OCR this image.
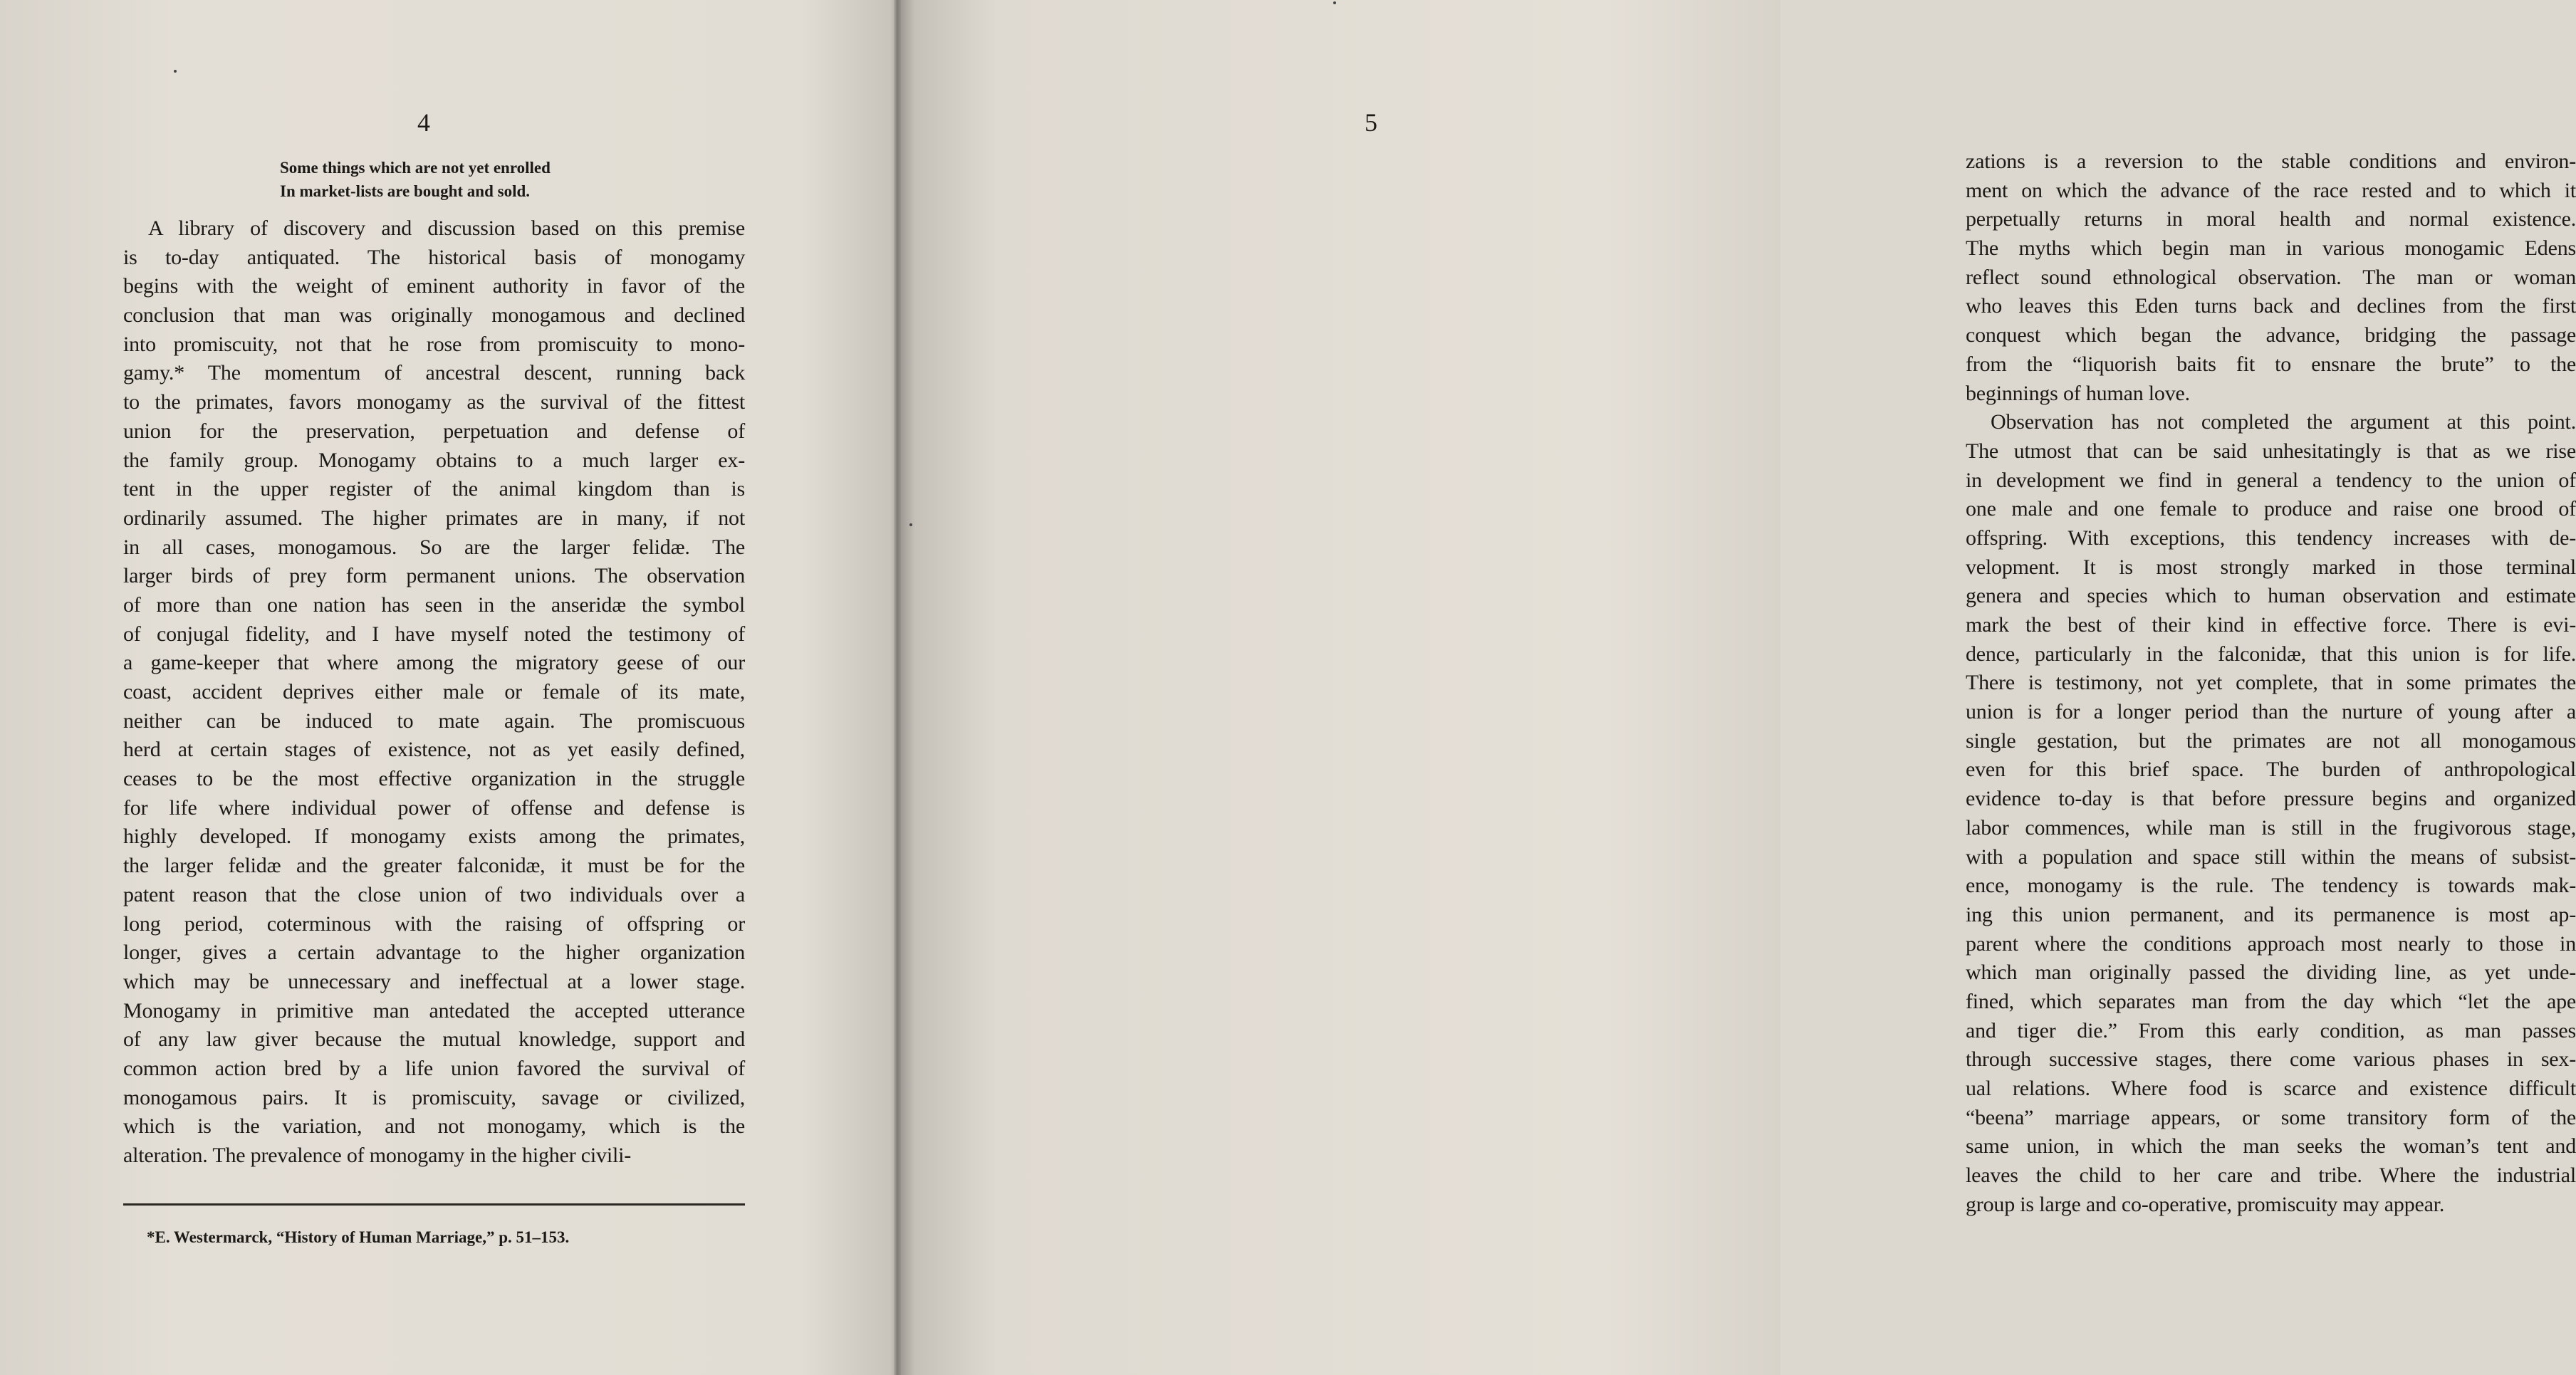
4
Some things which are not yet enrolled
In market-lists are bought and sold.
A library of discovery and discussion based on this premise
is to-day antiquated. The historical basis of monogamy
begins with the weight of eminent authority in favor of the
conclusion that man was originally monogamous and declined
into promiscuity, not that he rose from promiscuity to mono-
gamy.* The momentum of ancestral descent, running back
to the primates, favors monogamy as the survival of the fittest
union for the preservation, perpetuation and defense of
the family group. Monogamy obtains to a much larger ex-
tent in the upper register of the animal kingdom than is
ordinarily assumed. The higher primates are in many, if not
in all cases, monogamous. So are the larger felidæ. The
larger birds of prey form permanent unions. The observation
of more than one nation has seen in the anseridæ the symbol
of conjugal fidelity, and I have myself noted the testimony of
a game-keeper that where among the migratory geese of our
coast, accident deprives either male or female of its mate,
neither can be induced to mate again. The promiscuous
herd at certain stages of existence, not as yet easily defined,
ceases to be the most effective organization in the struggle
for life where individual power of offense and defense is
highly developed. If monogamy exists among the primates,
the larger felidæ and the greater falconidæ, it must be for the
patent reason that the close union of two individuals over a
long period, coterminous with the raising of offspring or
longer, gives a certain advantage to the higher organization
which may be unnecessary and ineffectual at a lower stage.
Monogamy in primitive man antedated the accepted utterance
of any law giver because the mutual knowledge, support and
common action bred by a life union favored the survival of
monogamous pairs. It is promiscuity, savage or civilized,
which is the variation, and not monogamy, which is the
alteration. The prevalence of monogamy in the higher civili-
*E. Westermarck, “History of Human Marriage,” p. 51–153.
5
zations is a reversion to the stable conditions and environ-
ment on which the advance of the race rested and to which it
perpetually returns in moral health and normal existence.
The myths which begin man in various monogamic Edens
reflect sound ethnological observation. The man or woman
who leaves this Eden turns back and declines from the first
conquest which began the advance, bridging the passage
from the “liquorish baits fit to ensnare the brute” to the
beginnings of human love.
Observation has not completed the argument at this point.
The utmost that can be said unhesitatingly is that as we rise
in development we find in general a tendency to the union of
one male and one female to produce and raise one brood of
offspring. With exceptions, this tendency increases with de-
velopment. It is most strongly marked in those terminal
genera and species which to human observation and estimate
mark the best of their kind in effective force. There is evi-
dence, particularly in the falconidæ, that this union is for life.
There is testimony, not yet complete, that in some primates the
union is for a longer period than the nurture of young after a
single gestation, but the primates are not all monogamous
even for this brief space. The burden of anthropological
evidence to-day is that before pressure begins and organized
labor commences, while man is still in the frugivorous stage,
with a population and space still within the means of subsist-
ence, monogamy is the rule. The tendency is towards mak-
ing this union permanent, and its permanence is most ap-
parent where the conditions approach most nearly to those in
which man originally passed the dividing line, as yet unde-
fined, which separates man from the day which “let the ape
and tiger die.” From this early condition, as man passes
through successive stages, there come various phases in sex-
ual relations. Where food is scarce and existence difficult
“beena” marriage appears, or some transitory form of the
same union, in which the man seeks the woman’s tent and
leaves the child to her care and tribe. Where the industrial
group is large and co-operative, promiscuity may appear.
